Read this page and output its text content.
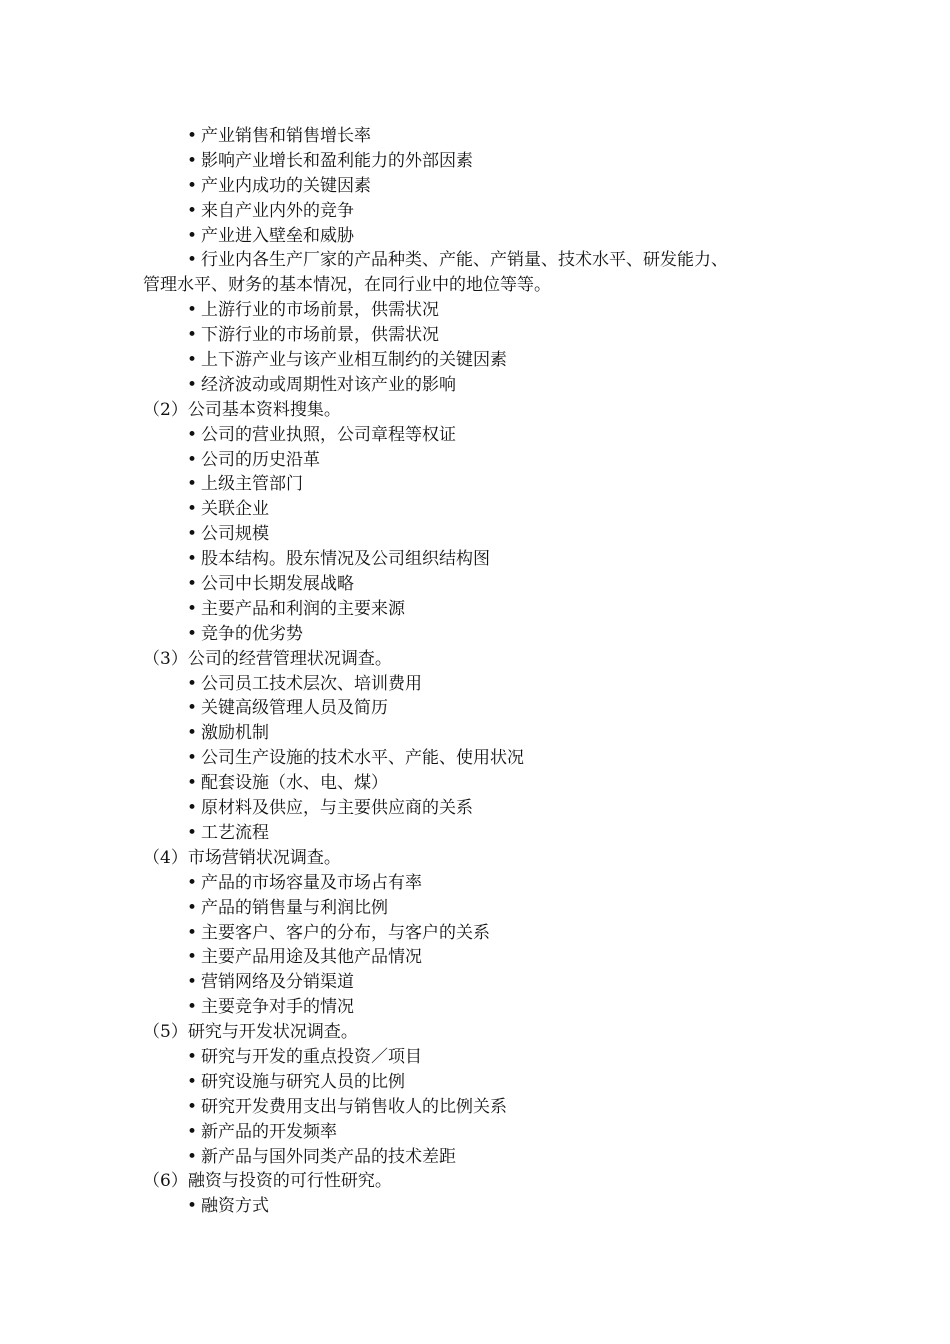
• 产业销售和销售增长率
• 影响产业增长和盈利能力的外部因素
• 产业内成功的关键因素
• 来自产业内外的竞争
• 产业进入壁垒和威胁
• 行业内各生产厂家的产品种类、产能、产销量、技术水平、研发能力、
管理水平、财务的基本情况，在同行业中的地位等等。
• 上游行业的市场前景，供需状况
• 下游行业的市场前景，供需状况
• 上下游产业与该产业相互制约的关键因素
• 经济波动或周期性对该产业的影响
（2）公司基本资料搜集。
• 公司的营业执照，公司章程等权证
• 公司的历史沿革
• 上级主管部门
• 关联企业
• 公司规模
• 股本结构。股东情况及公司组织结构图
• 公司中长期发展战略
• 主要产品和利润的主要来源
• 竞争的优劣势
（3）公司的经营管理状况调查。
• 公司员工技术层次、培训费用
• 关键高级管理人员及简历
• 激励机制
• 公司生产设施的技术水平、产能、使用状况
• 配套设施（水、电、煤）
• 原材料及供应，与主要供应商的关系
• 工艺流程
（4）市场营销状况调查。
• 产品的市场容量及市场占有率
• 产品的销售量与利润比例
• 主要客户、客户的分布，与客户的关系
• 主要产品用途及其他产品情况
• 营销网络及分销渠道
• 主要竞争对手的情况
（5）研究与开发状况调查。
• 研究与开发的重点投资／项目
• 研究设施与研究人员的比例
• 研究开发费用支出与销售收人的比例关系
• 新产品的开发频率
• 新产品与国外同类产品的技术差距
（6）融资与投资的可行性研究。
• 融资方式
